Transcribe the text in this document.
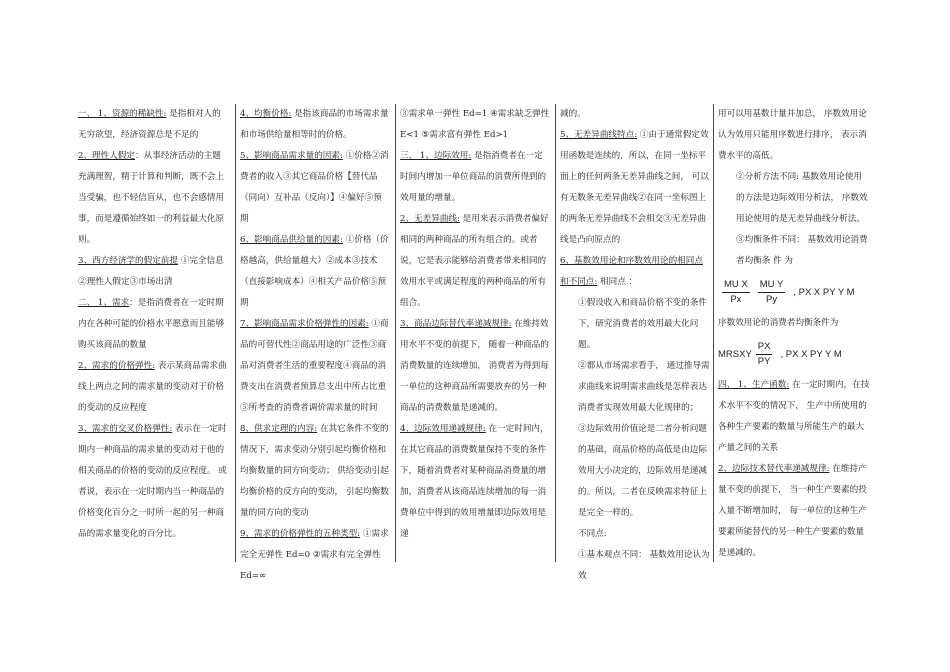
一、 1、资源的稀缺性: 是指相对人的无穷欲望，经济资源总是不足的

2、理性人假定：从事经济活动的主题充满理智，精于计算和判断，既不会上当受骗，也不轻信盲从，也不会感情用事，而是遵循始终如一的利益最大化原则。

3、西方经济学的假定前提 ①完全信息②理性人假定③市场出清

二、 1、需求：是指消费者在一定时期内在各种可能的价格水平愿意而且能够购买该商品的数量

2、需求的价格弹性: 表示某商品需求曲线上两点之间的需求量的变动对于价格的变动的反应程度

3、需求的交叉价格弹性: 表示在一定时期内一种商品的需求量的变动对于他的相关商品的价格的变动的反应程度。 或者说，表示在一定时期内当一种商品的价格变化百分之一时所一起的另一种商品的需求量变化的百分比。

4、均衡价格: 是指该商品的市场需求量和市场供给量相等时的价格。

5、影响商品需求量的因素: ①价格②消费者的收入③其它商品价格【替代品（同向）互补品（反向）】④偏好⑤预期

6、影响商品供给量的因素: ①价格（价格越高，供给量越大）②成本③技术（直接影响成本）④相关产品价格⑤预期

7、影响商品需求价格弹性的因素: ①商品的可替代性②商品用途的广泛性③商品对消费者生活的重要程度④商品的消费支出在消费者预算总支出中所占比重⑤所考查的消费者调价需求量的时间

8、供求定理的内容: 在其它条件不变的情况下，需求变动分别引起均衡价格和均衡数量的同方向变动； 供给变动引起均衡价格的反方向的变动， 引起均衡数量的同方向的变动

9、需求的价格弹性的五种类型: ①需求完全无弹性 Ed=0 ②需求有完全弹性 Ed=∞

③需求单一弹性 Ed=1 ④需求缺乏弹性 E<1 ⑤需求富有弹性 Ed>1

三、 1、边际效用: 是指消费者在一定时间内增加一单位商品的消费所得到的效用量的增量。

2、无差异曲线: 是用来表示消费者偏好相同的两种商品的所有组合的。或者说，它是表示能够给消费者带来相同的效用水平或满足程度的两种商品的所有组合。

3、商品边际替代率递减规律: 在维持效用水平不变的前提下， 随着一种商品的消费数量的连续增加， 消费者为得到每一单位的这种商品所需要放弃的另一种商品的消费数量是递减的。

4、边际效用递减规律: 在一定时间内，在其它商品的消费数量保持不变的条件下，随着消费者对某种商品消费量的增加，消费者从该商品连续增加的每一消费单位中得到的效用增量即边际效用是递

减的。

5、无差异曲线特点: ①由于通常假定效用函数是连续的，所以，在同一坐标平面上的任何两条无差异曲线之间， 可以有无数条无差异曲线②在同一坐标图上的两条无差异曲线不会相交③无差异曲线是凸向原点的

6、基数效用论和序数效用论的相同点和不同点: 相同点 ：

①假设收入和商品价格不变的条件下，研究消费者的效用最大化问题。

②都从市场需求看手， 通过推导需求曲线来说明需求曲线是怎样表达消费者实现效用最大化规律的；

③边际效用价值论是二者分析问题的基础，商品价格的高低是由边际效用大小决定的，边际效用是递减的。所以，二者在反映需求特征上是完全一样的。

不同点:

①基本观点不同： 基数效用论认为效

用可以用基数计量并加总， 序数效用论认为效用只能用序数进行排序， 表示消费水平的高低。

②分析方法不同: 基数效用论使用的方法是边际效用分析法， 序数效用论使用的是无差异曲线分析法。

③均衡条件不同： 基数效用论消费者均衡条 件 为

$\frac{\text{MU X}}{Px} \frac{\text{MU Y}}{Py}$ , PX X PY Y M

序数效用论的消费者均衡条件为

MRSXY $\frac{PX}{PY}$ , PX X PY Y M

四、 1、生产函数: 在一定时期内，在技术水平不变的情况下， 生产中所使用的各种生产要素的数量与所能生产的最大产量之间的关系

2、边际技术替代率递减规律: 在维持产量不变的前提下， 当一种生产要素的投入量不断增加时， 每一单位的这种生产要素所能替代的另一种生产要素的数量是递减的。
